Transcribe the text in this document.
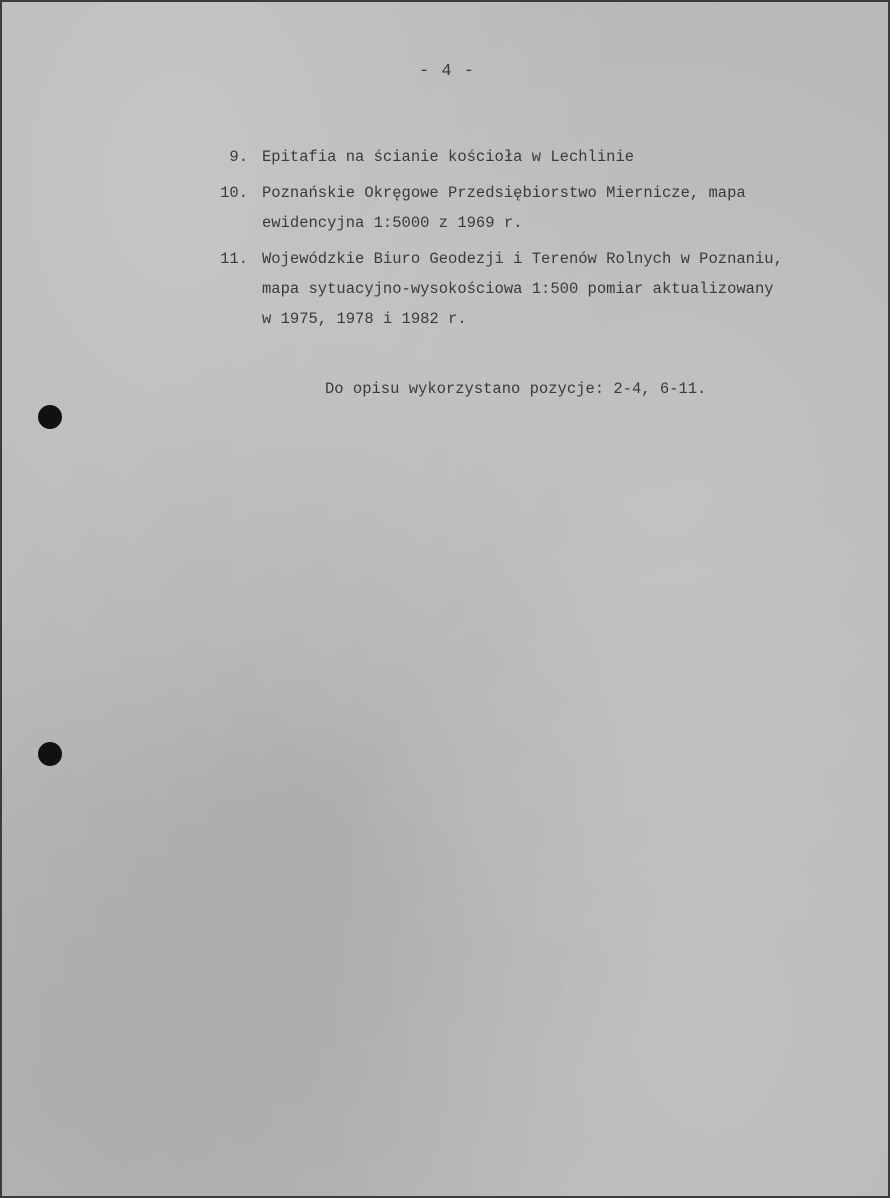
- 4 -
9. Epitafia na ścianie kościoła w Lechlinie
10. Poznańskie Okręgowe Przedsiębiorstwo Miernicze, mapa
ewidencyjna 1:5000 z 1969 r.
11. Wojewódzkie Biuro Geodezji i Terenów Rolnych w Poznaniu,
mapa sytuacyjno-wysokościowa 1:500 pomiar aktualizowany
w 1975, 1978 i 1982 r.
Do opisu wykorzystano pozycje: 2-4, 6-11.
